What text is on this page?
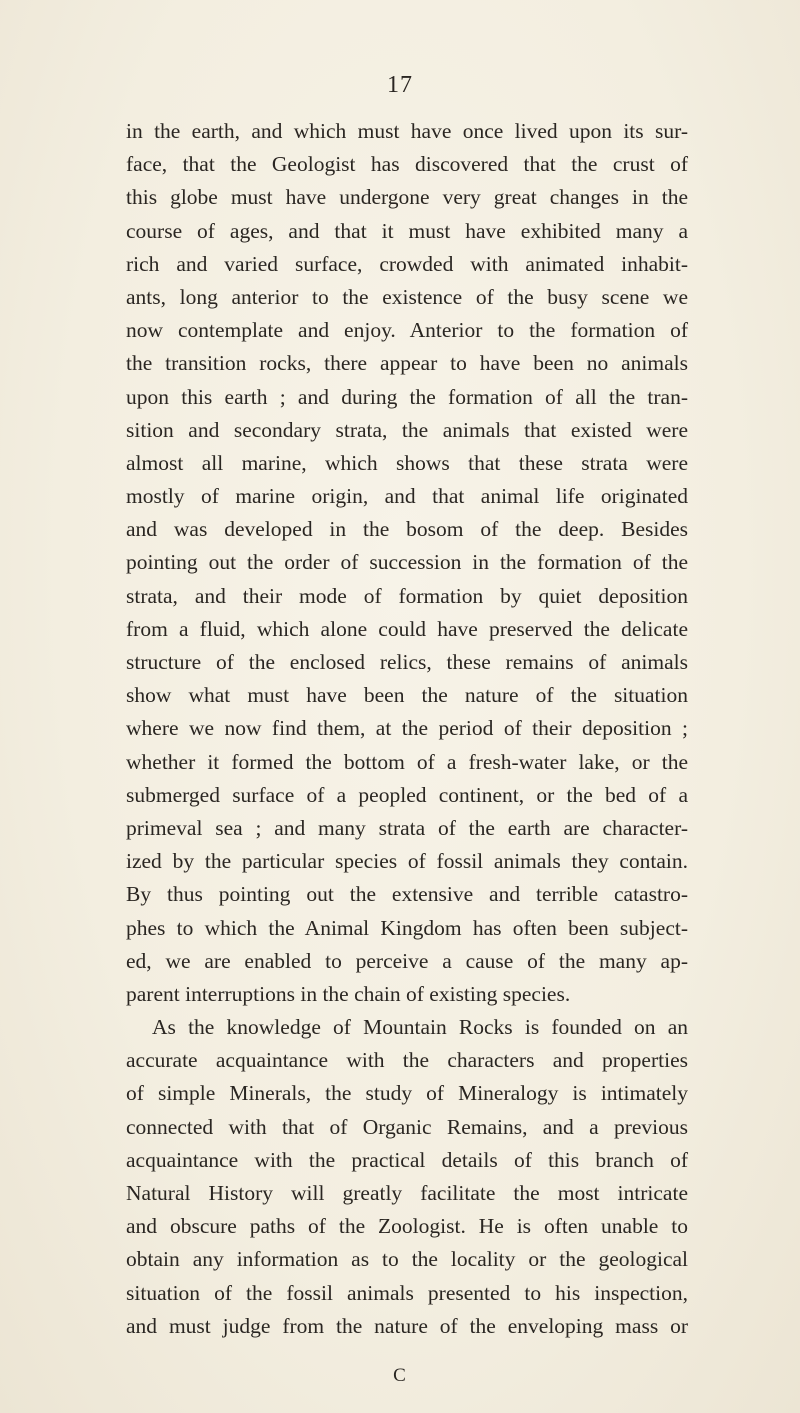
17
in the earth, and which must have once lived upon its sur-
face, that the Geologist has discovered that the crust of
this globe must have undergone very great changes in the
course of ages, and that it must have exhibited many a
rich and varied surface, crowded with animated inhabit-
ants, long anterior to the existence of the busy scene we
now contemplate and enjoy. Anterior to the formation of
the transition rocks, there appear to have been no animals
upon this earth ; and during the formation of all the tran-
sition and secondary strata, the animals that existed were
almost all marine, which shows that these strata were
mostly of marine origin, and that animal life originated
and was developed in the bosom of the deep. Besides
pointing out the order of succession in the formation of the
strata, and their mode of formation by quiet deposition
from a fluid, which alone could have preserved the delicate
structure of the enclosed relics, these remains of animals
show what must have been the nature of the situation
where we now find them, at the period of their deposition ;
whether it formed the bottom of a fresh-water lake, or the
submerged surface of a peopled continent, or the bed of a
primeval sea ; and many strata of the earth are character-
ized by the particular species of fossil animals they contain.
By thus pointing out the extensive and terrible catastro-
phes to which the Animal Kingdom has often been subject-
ed, we are enabled to perceive a cause of the many ap-
parent interruptions in the chain of existing species.
As the knowledge of Mountain Rocks is founded on an
accurate acquaintance with the characters and properties
of simple Minerals, the study of Mineralogy is intimately
connected with that of Organic Remains, and a previous
acquaintance with the practical details of this branch of
Natural History will greatly facilitate the most intricate
and obscure paths of the Zoologist. He is often unable to
obtain any information as to the locality or the geological
situation of the fossil animals presented to his inspection,
and must judge from the nature of the enveloping mass or
C
